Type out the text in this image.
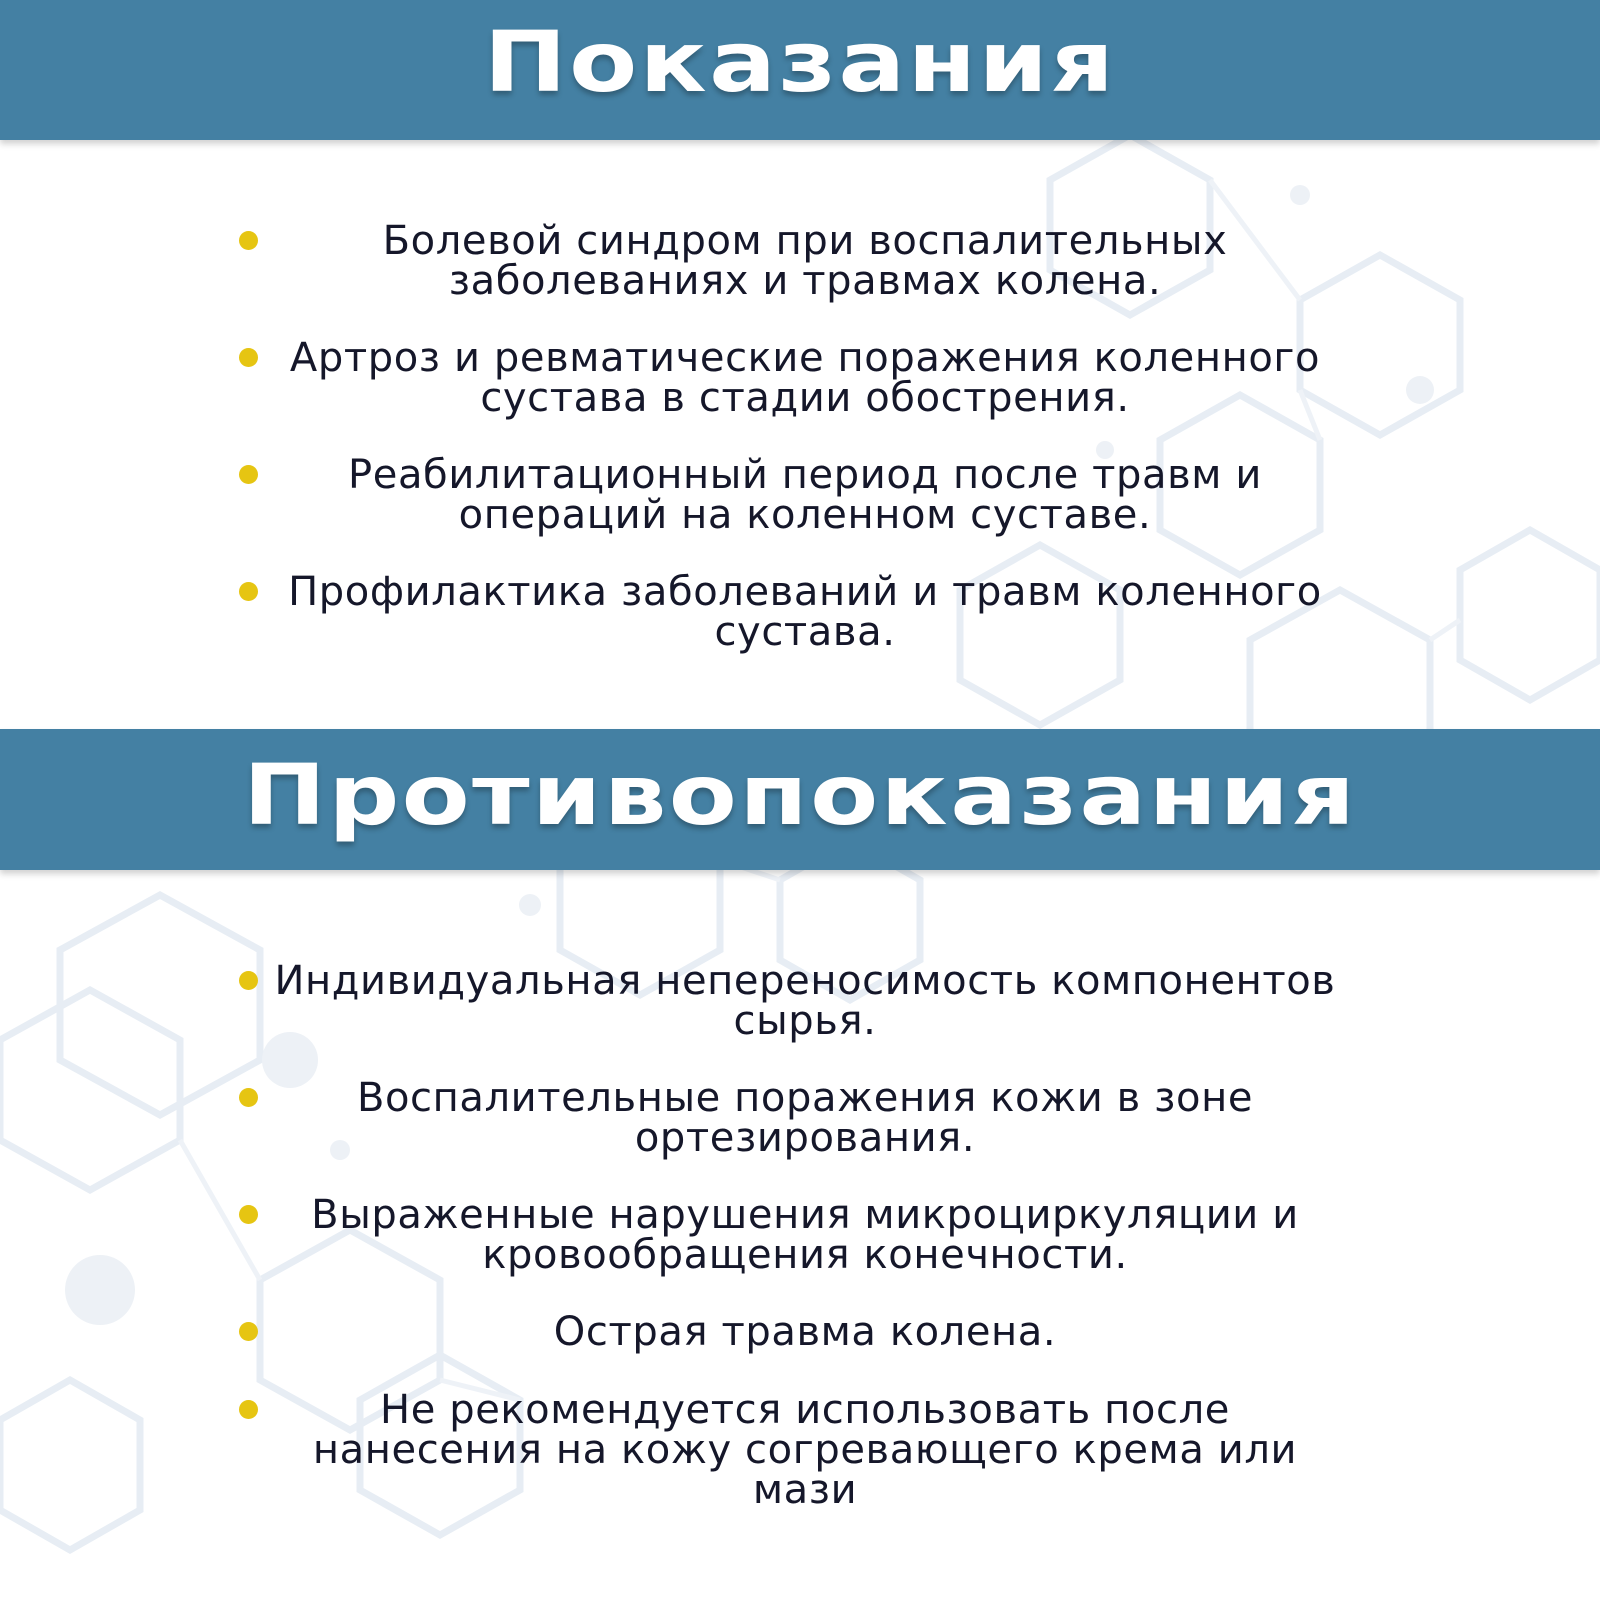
Показания
Болевой синдром при воспалительных заболеваниях и травмах колена.
Артроз и ревматические поражения коленного сустава в стадии обострения.
Реабилитационный период после травм и операций на коленном суставе.
Профилактика заболеваний и травм коленного сустава.
Противопоказания
Индивидуальная непереносимость компонентов сырья.
Воспалительные поражения кожи в зоне ортезирования.
Выраженные нарушения микроциркуляции и кровообращения конечности.
Острая травма колена.
Не рекомендуется использовать после нанесения на кожу согревающего крема или мази
